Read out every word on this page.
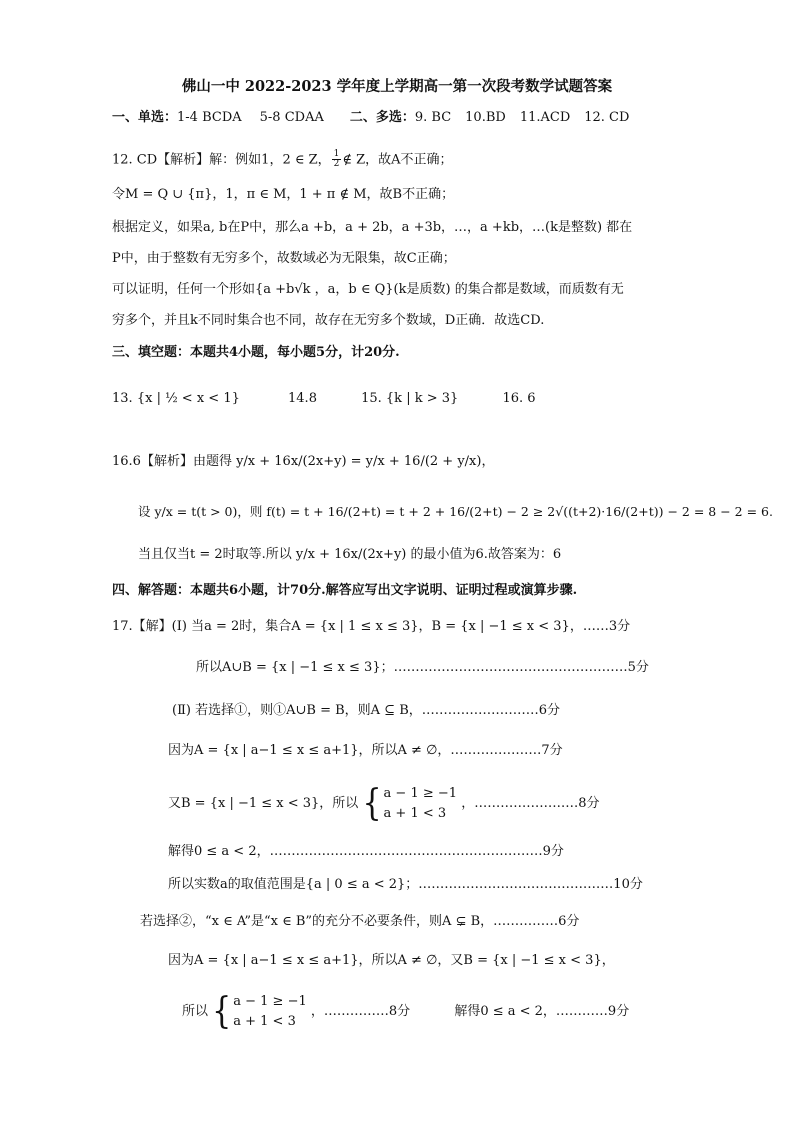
佛山一中 2022-2023 学年度上学期高一第一次段考数学试题答案
一、单选：1-4 BCDA 5-8 CDAA 二、多选：9. BC 10.BD 11.ACD 12. CD
12. CD【解析】解：例如1，2 ∈ Z， $\frac{1}{2}$ ∉ Z，故A不正确；
令M = Q ∪ {π}，1，π ∈ M，1 + π ∉ M，故B不正确；
根据定义，如果a, b在P中，那么a +b，a + 2b，a +3b，…，a +kb，…(k是整数) 都在
P中，由于整数有无穷多个，故数域必为无限集，故C正确；
可以证明，任何一个形如{a +b√k ，a，b ∈ Q}(k是质数) 的集合都是数域，而质数有无
穷多个，并且k不同时集合也不同，故存在无穷多个数域，D正确．故选CD.
三、填空题：本题共4小题，每小题5分，计20分.
13. {x | ½ < x < 1}	14.8	15. {k | k > 3}	16. 6
16.6【解析】由题得 y/x + 16x/(2x+y) = y/x + 16/(2 + y/x)，
设 y/x = t(t > 0)，则 f(t) = t + 16/(2+t) = t + 2 + 16/(2+t) − 2 ≥ 2√((t+2)·16/(2+t)) − 2 = 8 − 2 = 6.
当且仅当t = 2时取等.所以 y/x + 16x/(2x+y) 的最小值为6.故答案为：6
四、解答题：本题共6小题，计70分.解答应写出文字说明、证明过程或演算步骤.
17.【解】(Ⅰ) 当a = 2时，集合A = {x | 1 ≤ x ≤ 3}，B = {x | −1 ≤ x < 3}，……3分
所以A∪B = {x | −1 ≤ x ≤ 3}；………………………………………………5分
(Ⅱ) 若选择①，则①A∪B = B，则A ⊆ B，………………………6分
因为A = {x | a−1 ≤ x ≤ a+1}，所以A ≠ ∅，…………………7分
又B = {x | −1 ≤ x < 3}，所以 { a − 1 ≥ −1
a + 1 < 3
，……………………8分
解得0 ≤ a < 2，………………………………………………………9分
所以实数a的取值范围是{a | 0 ≤ a < 2}；………………………………………10分
若选择②，“x ∈ A”是“x ∈ B”的充分不必要条件，则A ⊊ B，……………6分
因为A = {x | a−1 ≤ x ≤ a+1}，所以A ≠ ∅，又B = {x | −1 ≤ x < 3}，
所以 { a − 1 ≥ −1
a + 1 < 3
，……………8分	解得0 ≤ a < 2，…………9分
